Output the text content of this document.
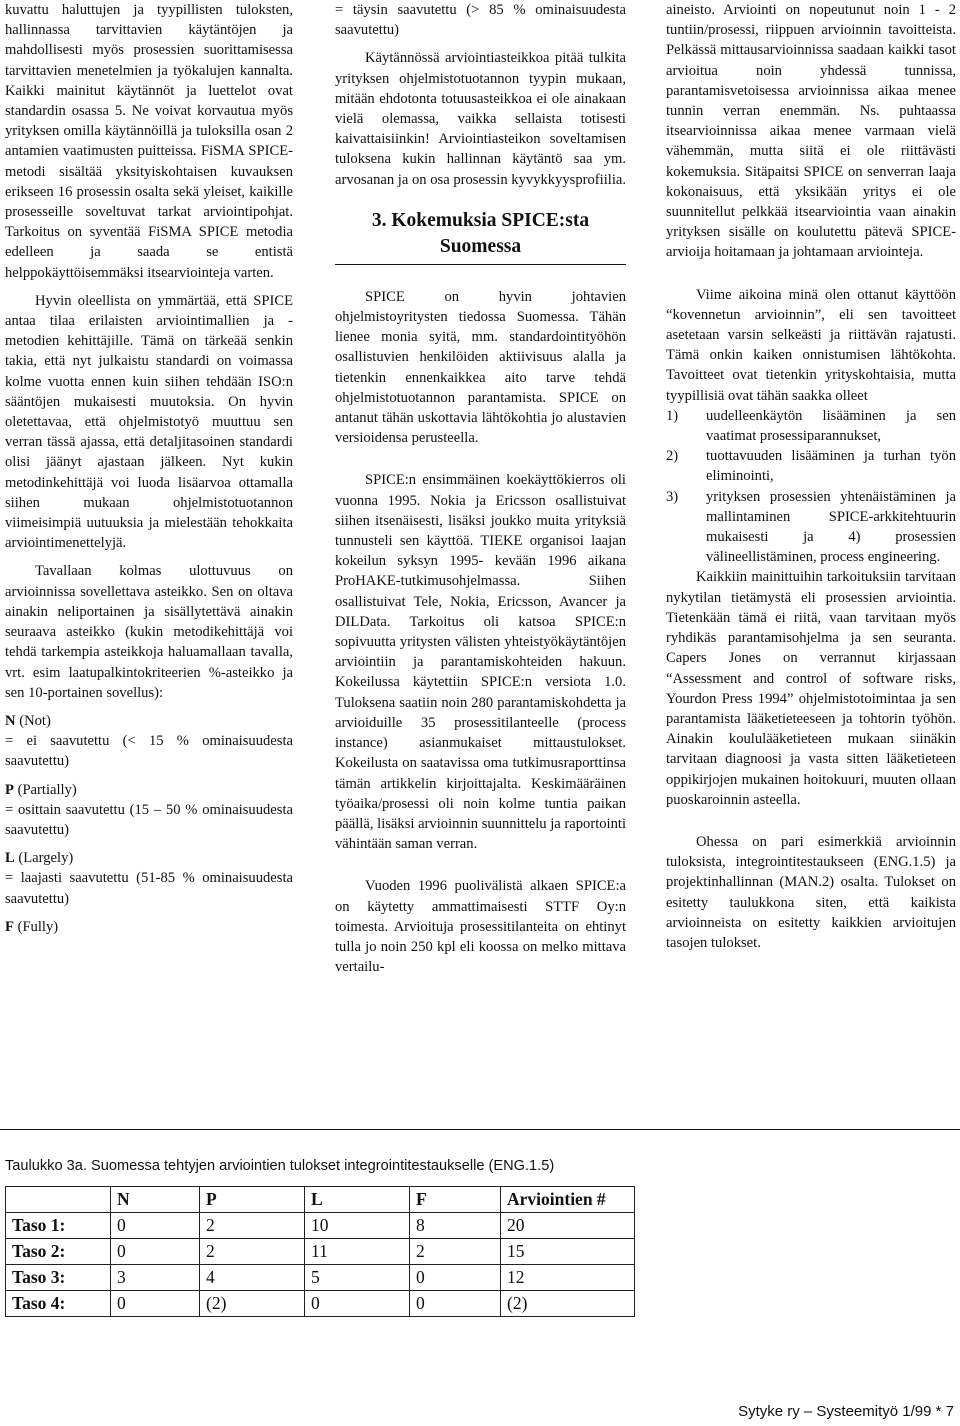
kuvattu haluttujen ja tyypillisten tuloksten, hallinnassa tarvittavien käytäntöjen ja mahdollisesti myös prosessien suorittamisessa tarvittavien menetelmien ja työkalujen kannalta. Kaikki mainitut käytännöt ja luettelot ovat standardin osassa 5. Ne voivat korvautua myös yrityksen omilla käytännöillä ja tuloksilla osan 2 antamien vaatimusten puitteissa. FiSMA SPICE-metodi sisältää yksityiskohtaisen kuvauksen erikseen 16 prosessin osalta sekä yleiset, kaikille prosesseille soveltuvat tarkat arviointipohjat. Tarkoitus on syventää FiSMA SPICE metodia edelleen ja saada se entistä helppokäyttöisemmäksi itsearviointeja varten.

Hyvin oleellista on ymmärtää, että SPICE antaa tilaa erilaisten arviointimallien ja -metodien kehittäjille. Tämä on tärkeää senkin takia, että nyt julkaistu standardi on voimassa kolme vuotta ennen kuin siihen tehdään ISO:n sääntöjen mukaisesti muutoksia. On hyvin oletettavaa, että ohjelmistotyö muuttuu sen verran tässä ajassa, että detaljitasoinen standardi olisi jäänyt ajastaan jälkeen. Nyt kukin metodinkehittäjä voi luoda lisäarvoa ottamalla siihen mukaan ohjelmistotuotannon viimeisimpiä uutuuksia ja mielestään tehokkaita arviointimenettelyjä.

Tavallaan kolmas ulottuvuus on arvioinnissa sovellettava asteikko. Sen on oltava ainakin neliportainen ja sisällytettävä ainakin seuraava asteikko (kukin metodikehittäjä voi tehdä tarkempia asteikkoja haluamallaan tavalla, vrt. esim laatupalkintokriteerien %-asteikko ja sen 10-portainen sovellus):

N (Not)

= ei saavutettu (< 15 % ominaisuudesta saavutettu)

P (Partially)

= osittain saavutettu (15 – 50 % ominaisuudesta saavutettu)

L (Largely)

= laajasti saavutettu (51-85 % ominaisuudesta saavutettu)

F (Fully)

= täysin saavutettu (> 85 % ominaisuudesta saavutettu)

Käytännössä arviointiasteikkoa pitää tulkita yrityksen ohjelmistotuotannon tyypin mukaan, mitään ehdotonta totuusasteikkoa ei ole ainakaan vielä olemassa, vaikka sellaista totisesti kaivattaisiinkin! Arviointiasteikon soveltamisen tuloksena kukin hallinnan käytäntö saa ym. arvosanan ja on osa prosessin kyvykkyysprofiilia.

3. Kokemuksia SPICE:sta Suomessa

SPICE on hyvin johtavien ohjelmistoyritysten tiedossa Suomessa. Tähän lienee monia syitä, mm. standardointityöhön osallistuvien henkilöiden aktiivisuus alalla ja tietenkin ennenkaikkea aito tarve tehdä ohjelmistotuotannon parantamista. SPICE on antanut tähän uskottavia lähtökohtia jo alustavien versioidensa perusteella.

SPICE:n ensimmäinen koekäyttökierros oli vuonna 1995. Nokia ja Ericsson osallistuivat siihen itsenäisesti, lisäksi joukko muita yrityksiä tunnusteli sen käyttöä. TIEKE organisoi laajan kokeilun syksyn 1995- kevään 1996 aikana ProHAKE-tutkimusohjelmassa. Siihen osallistuivat Tele, Nokia, Ericsson, Avancer ja DILData. Tarkoitus oli katsoa SPICE:n sopivuutta yritysten välisten yhteistyökäytäntöjen arviointiin ja parantamiskohteiden hakuun. Kokeilussa käytettiin SPICE:n versiota 1.0. Tuloksena saatiin noin 280 parantamiskohdetta ja arvioiduille 35 prosessitilanteelle (process instance) asianmukaiset mittaustulokset. Kokeilusta on saatavissa oma tutkimusraporttinsa tämän artikkelin kirjoittajalta. Keskimääräinen työaika/prosessi oli noin kolme tuntia paikan päällä, lisäksi arvioinnin suunnittelu ja raportointi vähintään saman verran.

Vuoden 1996 puolivälistä alkaen SPICE:a on käytetty ammattimaisesti STTF Oy:n toimesta. Arvioituja prosessitilanteita on ehtinyt tulla jo noin 250 kpl eli koossa on melko mittava vertailu-

aineisto. Arviointi on nopeutunut noin 1 - 2 tuntiin/prosessi, riippuen arvioinnin tavoitteista. Pelkässä mittausarvioinnissa saadaan kaikki tasot arvioitua noin yhdessä tunnissa, parantamisvetoisessa arvioinnissa aikaa menee tunnin verran enemmän. Ns. puhtaassa itsearvioinnissa aikaa menee varmaan vielä vähemmän, mutta siitä ei ole riittävästi kokemuksia. Sitäpaitsi SPICE on senverran laaja kokonaisuus, että yksikään yritys ei ole suunnitellut pelkkää itsearviointia vaan ainakin yrityksen sisälle on koulutettu pätevä SPICE-arvioija hoitamaan ja johtamaan arviointeja.

Viime aikoina minä olen ottanut käyttöön “kovennetun arvioinnin”, eli sen tavoitteet asetetaan varsin selkeästi ja riittävän rajatusti. Tämä onkin kaiken onnistumisen lähtökohta. Tavoitteet ovat tietenkin yrityskohtaisia, mutta tyypillisiä ovat tähän saakka olleet

1) uudelleenkäytön lisääminen ja sen vaatimat prosessiparannukset,
2) tuottavuuden lisääminen ja turhan työn eliminointi,
3) yrityksen prosessien yhtenäistäminen ja mallintaminen SPICE-arkkitehtuurin mukaisesti ja 4) prosessien välineellistäminen, process engineering.

Kaikkiin mainittuihin tarkoituksiin tarvitaan nykytilan tietämystä eli prosessien arviointia. Tietenkään tämä ei riitä, vaan tarvitaan myös ryhdikäs parantamisohjelma ja sen seuranta. Capers Jones on verrannut kirjassaan “Assessment and control of software risks, Yourdon Press 1994” ohjelmistotoimintaa ja sen parantamista lääketieteeseen ja tohtorin työhön. Ainakin koululääketieteen mukaan siinäkin tarvitaan diagnoosi ja vasta sitten lääketieteen oppikirjojen mukainen hoitokuuri, muuten ollaan puoskaroinnin asteella.

Ohessa on pari esimerkkiä arvioinnin tuloksista, integrointitestaukseen (ENG.1.5) ja projektinhallinnan (MAN.2) osalta. Tulokset on esitetty taulukkona siten, että kaikista arvioinneista on esitetty kaikkien arvioitujen tasojen tulokset.

Taulukko 3a. Suomessa tehtyjen arviointien tulokset integrointitestaukselle (ENG.1.5)
	N	P	L	F	Arviointien #
Taso 1:	0	2	10	8	20
Taso 2:	0	2	11	2	15
Taso 3:	3	4	5	0	12
Taso 4:	0	(2)	0	0	(2)
Sytyke ry – Systeemityö 1/99 * 7
